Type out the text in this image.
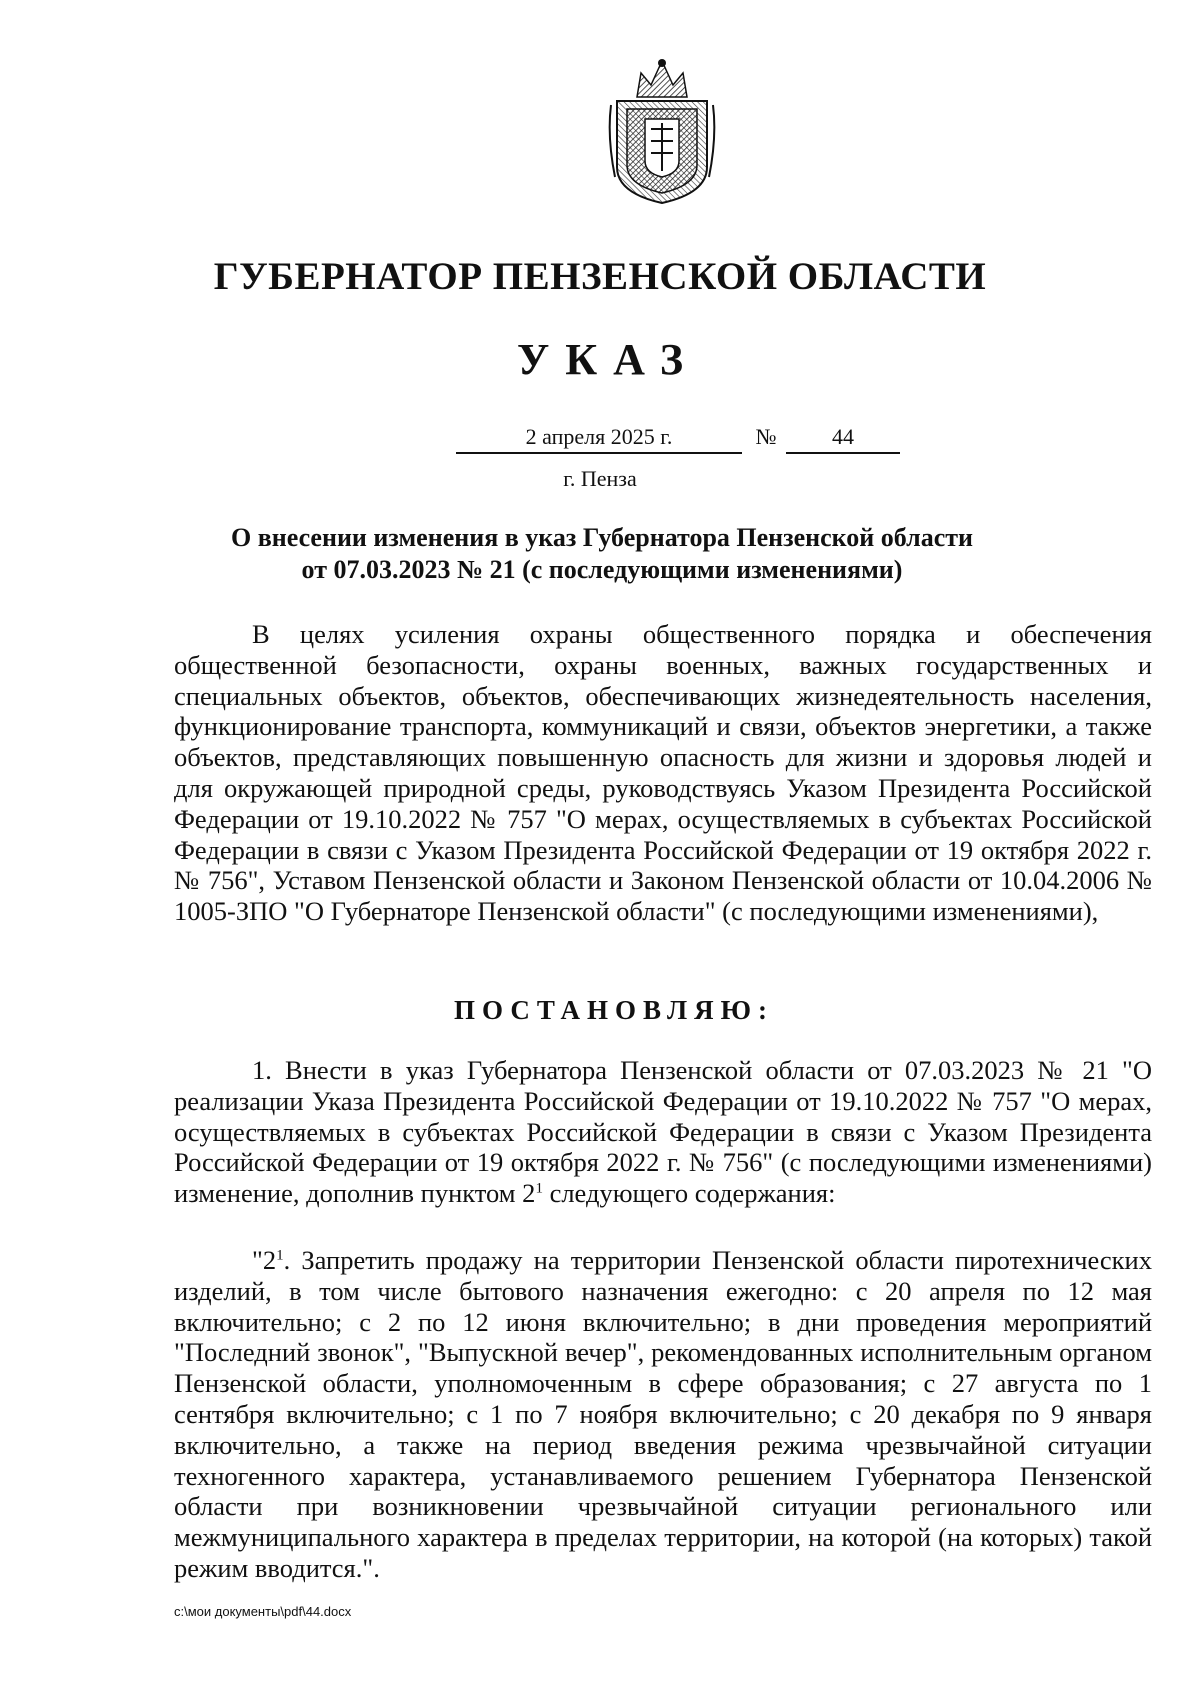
ГУБЕРНАТОР ПЕНЗЕНСКОЙ ОБЛАСТИ
УКАЗ
2 апреля 2025 г.	№	44
г. Пенза
О внесении изменения в указ Губернатора Пензенской области
от 07.03.2023 № 21 (с последующими изменениями)
В целях усиления охраны общественного порядка и обеспечения общественной безопасности, охраны военных, важных государственных и специальных объектов, объектов, обеспечивающих жизнедеятельность населения, функционирование транспорта, коммуникаций и связи, объектов энергетики, а также объектов, представляющих повышенную опасность для жизни и здоровья людей и для окружающей природной среды, руководствуясь Указом Президента Российской Федерации от 19.10.2022 № 757 "О мерах, осуществляемых в субъектах Российской Федерации в связи с Указом Президента Российской Федерации от 19 октября 2022 г. № 756", Уставом Пензенской области и Законом Пензенской области от 10.04.2006 № 1005-ЗПО "О Губернаторе Пензенской области" (с последующими изменениями),
ПОСТАНОВЛЯЮ:
1. Внести в указ Губернатора Пензенской области от 07.03.2023 № 21 "О реализации Указа Президента Российской Федерации от 19.10.2022 № 757 "О мерах, осуществляемых в субъектах Российской Федерации в связи с Указом Президента Российской Федерации от 19 октября 2022 г. № 756" (с последующими изменениями) изменение, дополнив пунктом $2^1$ следующего содержания:
"$2^1$. Запретить продажу на территории Пензенской области пиротехнических изделий, в том числе бытового назначения ежегодно: с 20 апреля по 12 мая включительно; с 2 по 12 июня включительно; в дни проведения мероприятий "Последний звонок", "Выпускной вечер", рекомендованных исполнительным органом Пензенской области, уполномоченным в сфере образования; с 27 августа по 1 сентября включительно; с 1 по 7 ноября включительно; с 20 декабря по 9 января включительно, а также на период введения режима чрезвычайной ситуации техногенного характера, устанавливаемого решением Губернатора Пензенской области при возникновении чрезвычайной ситуации регионального или межмуниципального характера в пределах территории, на которой (на которых) такой режим вводится.".
c:\мои документы\pdf\44.docx
